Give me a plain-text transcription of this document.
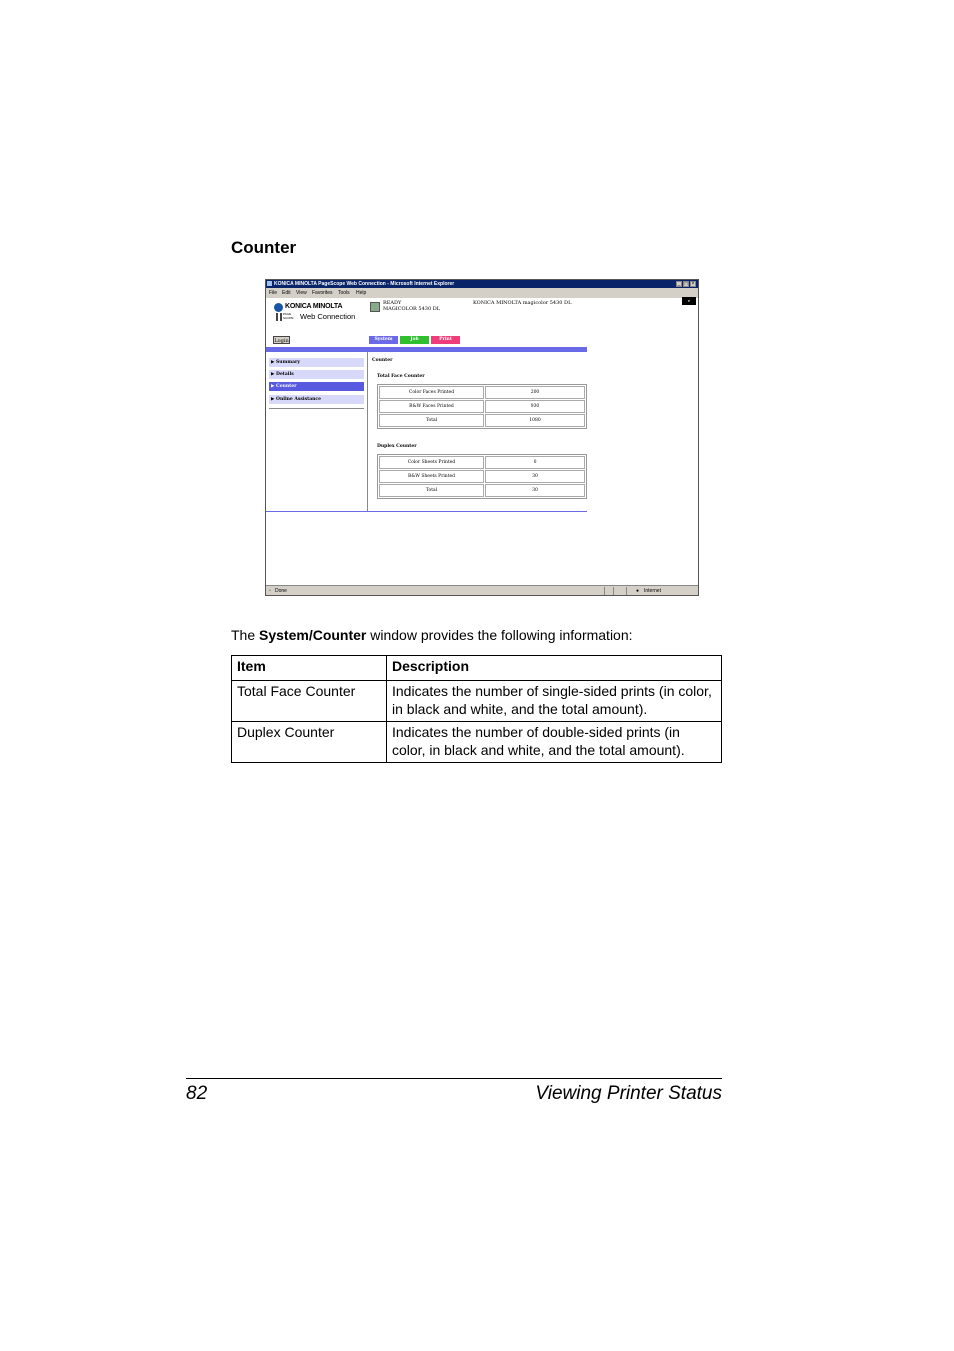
Counter
KONICA MINOLTA PageScope Web Connection - Microsoft Internet Explorer	_ □ ×
File Edit View Favorites Tools Help
e
KONICA MINOLTA
PAGE SCOPE Web Connection
READY
MAGICOLOR 5430 DL
KONICA MINOLTA magicolor 5430 DL
Login	System	Job	Print
▶ Summary
▶ Details
▶ Counter
▶ Online Assistance
Counter
Total Face Counter
Color Faces Printed	200
B&W Faces Printed	930
Total	1080
Duplex Counter
Color Sheets Printed	0
B&W Sheets Printed	30
Total	30
▫ Done	● Internet
The System/Counter window provides the following information:
Item	Description
Total Face Counter	Indicates the number of single-sided prints (in color, in black and white, and the total amount).
Duplex Counter	Indicates the number of double-sided prints (in color, in black and white, and the total amount).
82	Viewing Printer Status
